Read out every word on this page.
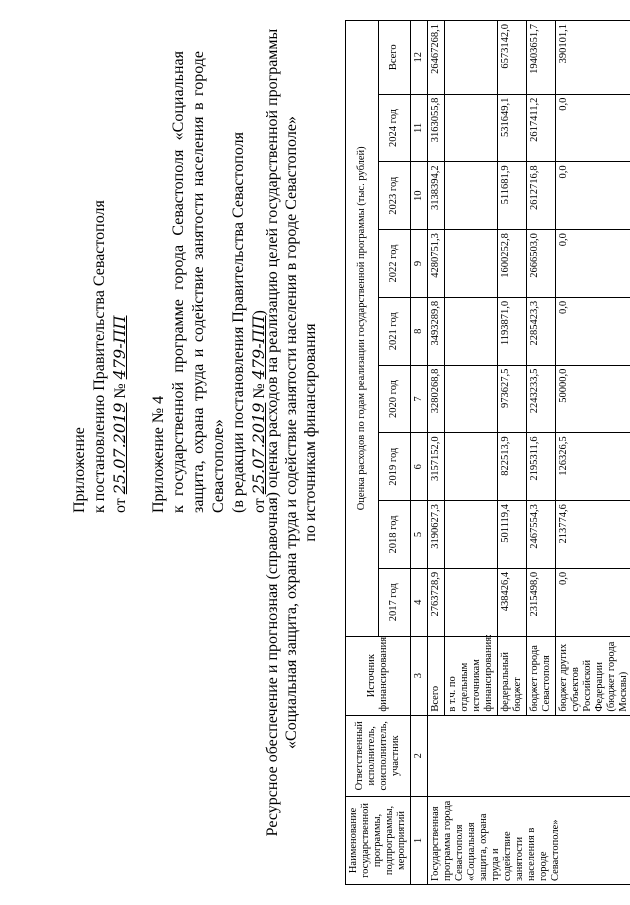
Приложение к постановлению Правительства Севастополя от 25.07.2019 № 479-ПП
Приложение № 4 к государственной программе города Севастополя «Социальная защита, охрана труда и содействие занятости населения в городе Севастополе» (в редакции постановления Правительства Севастополя от 25.07.2019 № 479-ПП)
Ресурсное обеспечение и прогнозная (справочная) оценка расходов на реализацию целей государственной программы «Социальная защита, охрана труда и содействие занятости населения в городе Севастополе» по источникам финансирования
Наименование государственной программы, подпрограммы, мероприятий	Ответственный исполнитель, соисполнитель, участник	Источник финансирования	Оценка расходов по годам реализации государственной программы (тыс. рублей)								
			2017 год	2018 год	2019 год	2020 год	2021 год	2022 год	2023 год	2024 год	Всего
1	2	3	4	5	6	7	8	9	10	11	12
Государственная программа города Севастополя «Социальная защита, охрана труда и содействие занятости населения в городе Севастополе»		Всего	2763728,9	3190627,3	3157152,0	3280268,8	3493289,8	4280751,3	3138394,2	3163055,8	26467268,1
		в т.ч. по отдельным источникам финансирования:									
		федеральный бюджет	438426,4	501119,4	822513,9	973627,5	1193871,0	1600252,8	511681,9	531649,1	6573142,0
		бюджет города Севастополя	2315498,0	2467554,3	2195311,6	2243233,5	2285423,3	2666503,0	2612716,8	2617411,2	19403651,7
		бюджет других субъектов Российской Федерации (бюджет города Москвы)	0,0	213774,6	126326,5	50000,0	0,0	0,0	0,0	0,0	390101,1
